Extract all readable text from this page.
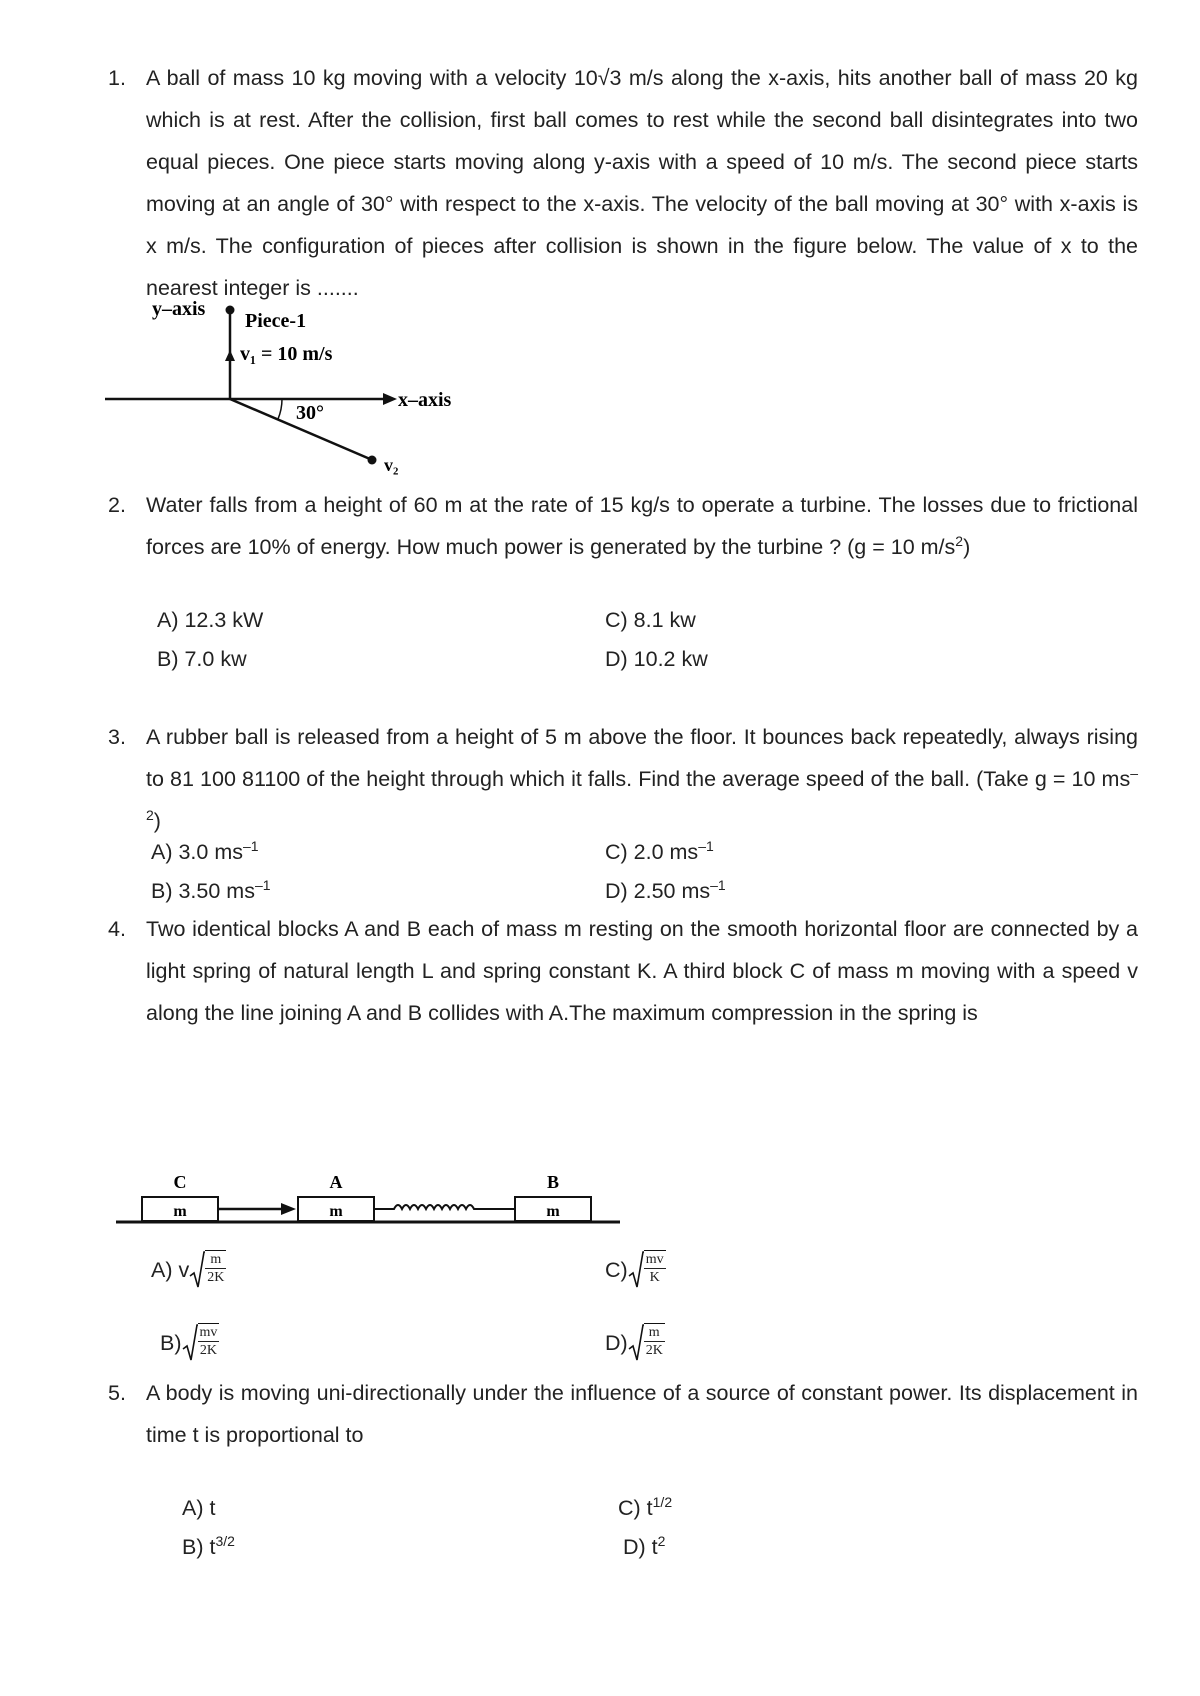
1. A ball of mass 10 kg moving with a velocity 10√3 m/s along the x-axis, hits another ball of mass 20 kg which is at rest. After the collision, first ball comes to rest while the second ball disintegrates into two equal pieces. One piece starts moving along y-axis with a speed of 10 m/s. The second piece starts moving at an angle of 30° with respect to the x-axis. The velocity of the ball moving at 30° with x-axis is x m/s. The configuration of pieces after collision is shown in the figure below. The value of x to the nearest integer is .......
y–axis
Piece-1
v₁ = 10 m/s
x–axis
30°
v₂
2. Water falls from a height of 60 m at the rate of 15 kg/s to operate a turbine. The losses due to frictional forces are 10% of energy. How much power is generated by the turbine ? (g = 10 $m/s^2$)
A) 12.3 kW
B) 7.0 kw
C) 8.1 kw
D) 10.2 kw
3. A rubber ball is released from a height of 5 m above the floor. It bounces back repeatedly, always rising to 81 100 81100 of the height through which it falls. Find the average speed of the ball. (Take g = 10 $ms^{-2}$)
A) 3.0 $ms^{-1}$
B) 3.50 $ms^{-1}$
C) 2.0 $ms^{-1}$
D) 2.50 $ms^{-1}$
4. Two identical blocks A and B each of mass m resting on the smooth horizontal floor are connected by a light spring of natural length L and spring constant K. A third block C of mass m moving with a speed v along the line joining A and B collides with A.The maximum compression in the spring is
C	A	B
m	m	m
A) v $\frac{m}{2K}$
$B) \frac{mv}{2K}$
$C) \frac{mv}{K}$
$D) \frac{m}{2K}$
5. A body is moving uni-directionally under the influence of a source of constant power. Its displacement in time t is proportional to
A) t
B) $t^{3/2}$
C) $t^{1/2}$
D) $t^2$
